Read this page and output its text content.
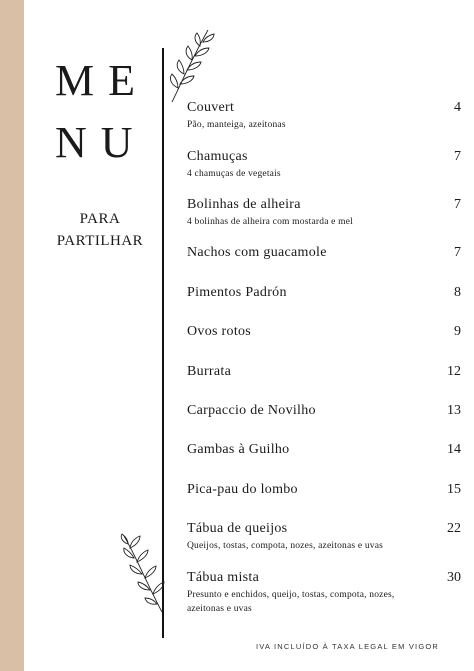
ME
NU
PARA
PARTILHAR
Couvert	4
Pão, manteiga, azeitonas
Chamuças	7
4 chamuças de vegetais
Bolinhas de alheira	7
4 bolinhas de alheira com mostarda e mel
Nachos com guacamole	7
Pimentos Padrón	8
Ovos rotos	9
Burrata	12
Carpaccio de Novilho	13
Gambas à Guilho	14
Pica-pau do lombo	15
Tábua de queijos	22
Queijos, tostas, compota, nozes, azeitonas e uvas
Tábua mista	30
Presunto e enchidos, queijo, tostas, compota, nozes, azeitonas e uvas
IVA INCLUÍDO À TAXA LEGAL EM VIGOR
